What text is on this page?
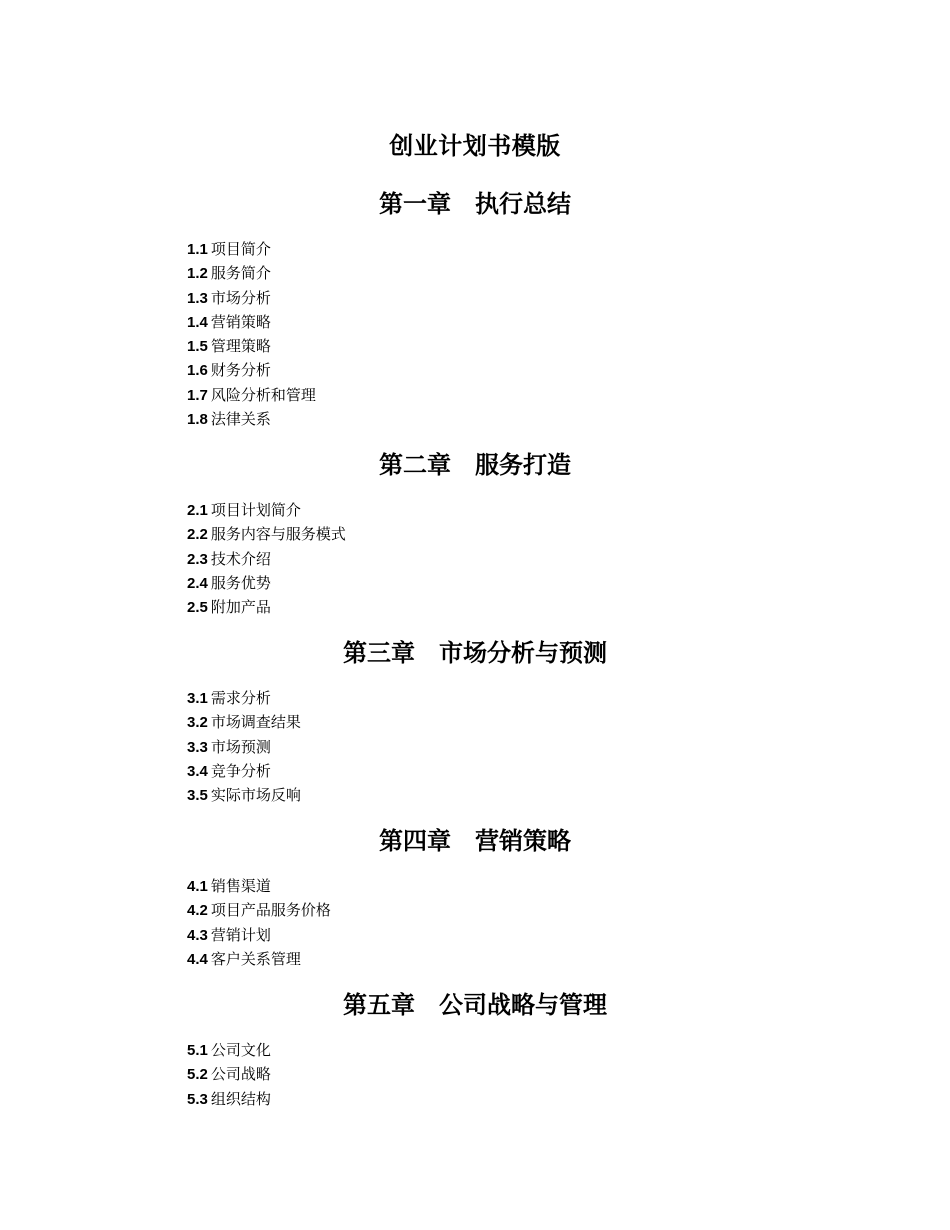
创业计划书模版
第一章　执行总结
1.1 项目简介
1.2 服务简介
1.3 市场分析
1.4 营销策略
1.5 管理策略
1.6 财务分析
1.7 风险分析和管理
1.8 法律关系
第二章　服务打造
2.1 项目计划简介
2.2 服务内容与服务模式
2.3 技术介绍
2.4 服务优势
2.5 附加产品
第三章　市场分析与预测
3.1 需求分析
3.2 市场调查结果
3.3 市场预测
3.4 竞争分析
3.5 实际市场反响
第四章　营销策略
4.1 销售渠道
4.2 项目产品服务价格
4.3 营销计划
4.4 客户关系管理
第五章　公司战略与管理
5.1 公司文化
5.2 公司战略
5.3 组织结构
